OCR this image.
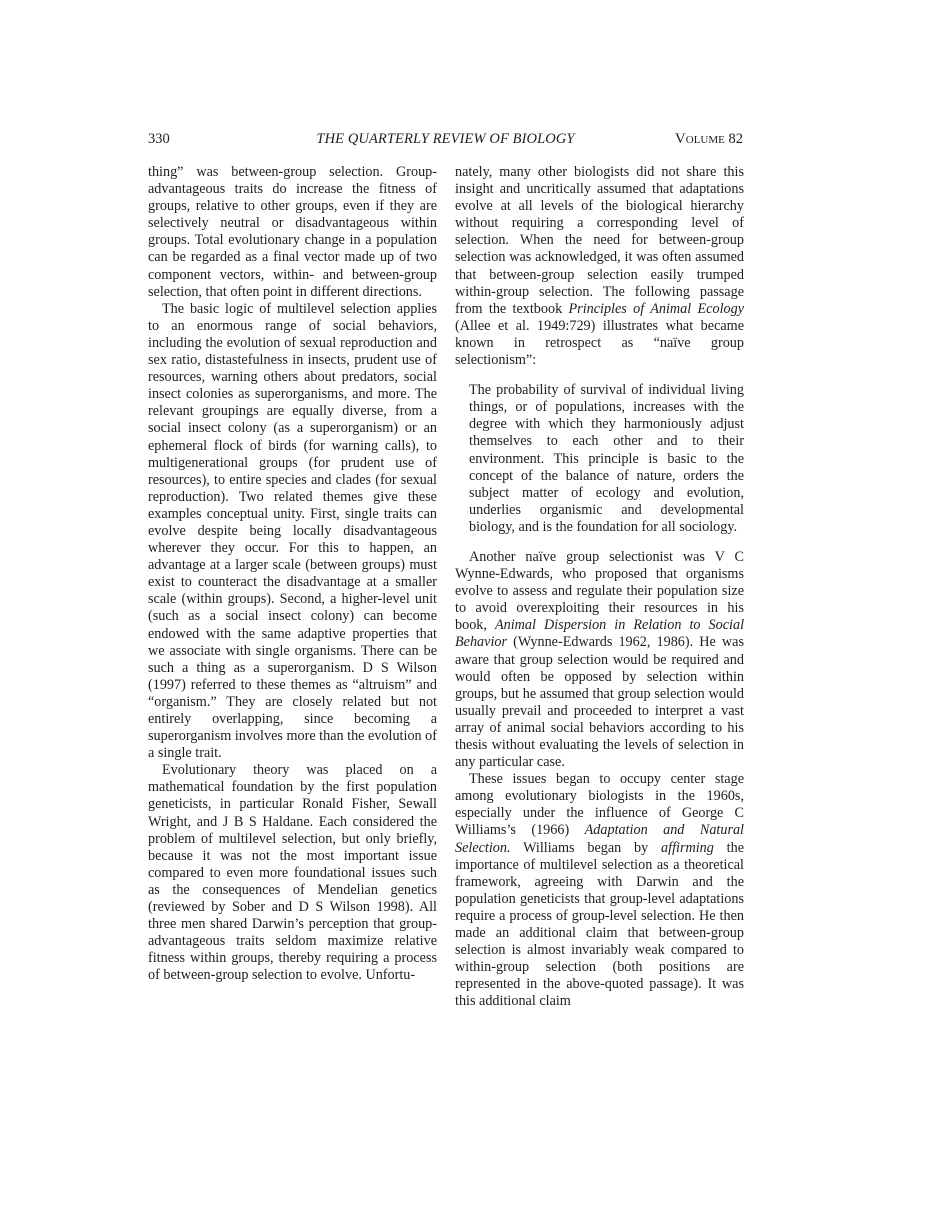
330	THE QUARTERLY REVIEW OF BIOLOGY	Volume 82

thing” was between-group selection. Group-advantageous traits do increase the fitness of groups, relative to other groups, even if they are selectively neutral or disadvantageous within groups. Total evolutionary change in a population can be regarded as a final vector made up of two component vectors, within- and between-group selection, that often point in different directions.

The basic logic of multilevel selection applies to an enormous range of social behaviors, including the evolution of sexual reproduction and sex ratio, distastefulness in insects, prudent use of resources, warning others about predators, social insect colonies as superorganisms, and more. The relevant groupings are equally diverse, from a social insect colony (as a superorganism) or an ephemeral flock of birds (for warning calls), to multigenerational groups (for prudent use of resources), to entire species and clades (for sexual reproduction). Two related themes give these examples conceptual unity. First, single traits can evolve despite being locally disadvantageous wherever they occur. For this to happen, an advantage at a larger scale (between groups) must exist to counteract the disadvantage at a smaller scale (within groups). Second, a higher-level unit (such as a social insect colony) can become endowed with the same adaptive properties that we associate with single organisms. There can be such a thing as a superorganism. D S Wilson (1997) referred to these themes as “altruism” and “organism.” They are closely related but not entirely overlapping, since becoming a superorganism involves more than the evolution of a single trait.

Evolutionary theory was placed on a mathematical foundation by the first population geneticists, in particular Ronald Fisher, Sewall Wright, and J B S Haldane. Each considered the problem of multilevel selection, but only briefly, because it was not the most important issue compared to even more foundational issues such as the consequences of Mendelian genetics (reviewed by Sober and D S Wilson 1998). All three men shared Darwin’s perception that group-advantageous traits seldom maximize relative fitness within groups, thereby requiring a process of between-group selection to evolve. Unfortu-

nately, many other biologists did not share this insight and uncritically assumed that adaptations evolve at all levels of the biological hierarchy without requiring a corresponding level of selection. When the need for between-group selection was acknowledged, it was often assumed that between-group selection easily trumped within-group selection. The following passage from the textbook Principles of Animal Ecology (Allee et al. 1949:729) illustrates what became known in retrospect as “naïve group selectionism”:

The probability of survival of individual living things, or of populations, increases with the degree with which they harmoniously adjust themselves to each other and to their environment. This principle is basic to the concept of the balance of nature, orders the subject matter of ecology and evolution, underlies organismic and developmental biology, and is the foundation for all sociology.

Another naïve group selectionist was V C Wynne-Edwards, who proposed that organisms evolve to assess and regulate their population size to avoid overexploiting their resources in his book, Animal Dispersion in Relation to Social Behavior (Wynne-Edwards 1962, 1986). He was aware that group selection would be required and would often be opposed by selection within groups, but he assumed that group selection would usually prevail and proceeded to interpret a vast array of animal social behaviors according to his thesis without evaluating the levels of selection in any particular case.

These issues began to occupy center stage among evolutionary biologists in the 1960s, especially under the influence of George C Williams’s (1966) Adaptation and Natural Selection. Williams began by affirming the importance of multilevel selection as a theoretical framework, agreeing with Darwin and the population geneticists that group-level adaptations require a process of group-level selection. He then made an additional claim that between-group selection is almost invariably weak compared to within-group selection (both positions are represented in the above-quoted passage). It was this additional claim
